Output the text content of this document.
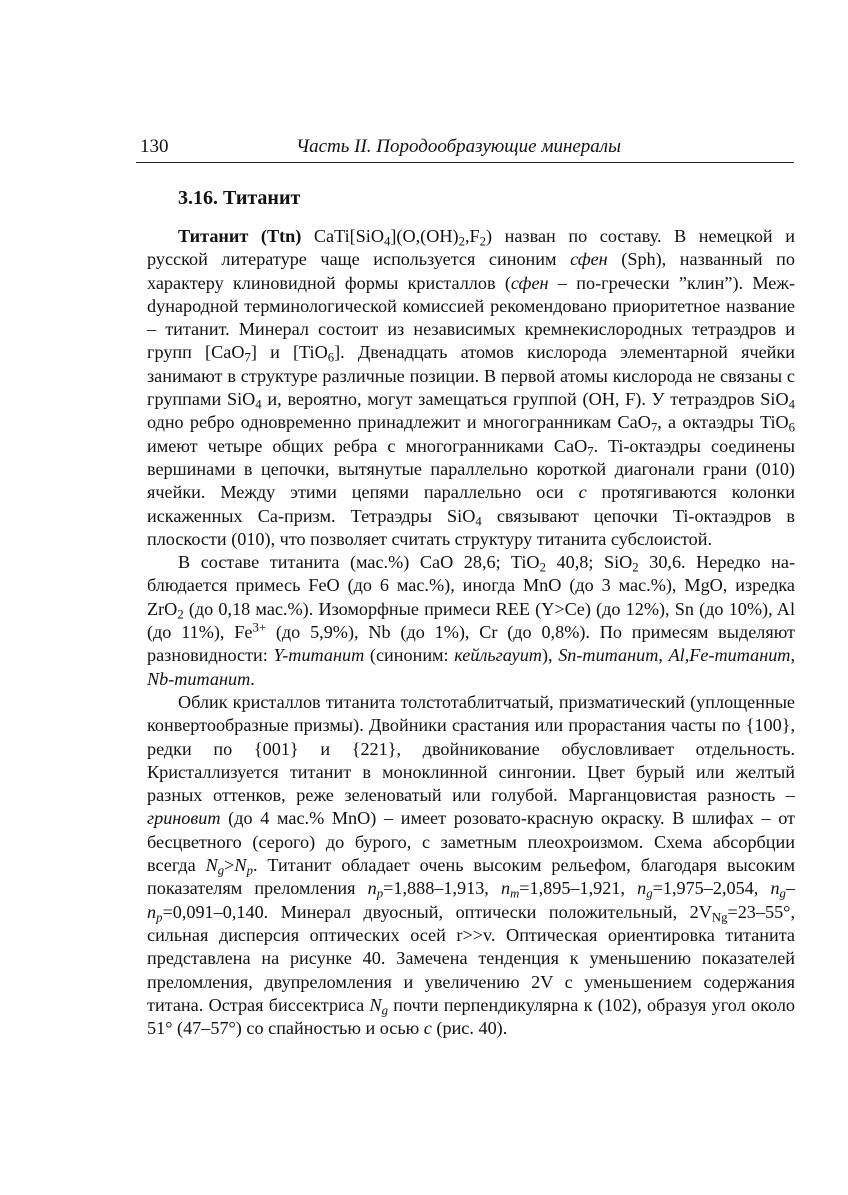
130	Часть II. Породообразующие минералы
3.16. Титанит

Титанит (Ttn) $CaTi[SiO_4](O,(OH)_2,F_2)$ назван по составу. В немецкой и русской литературе чаще используется синоним сфен (Sph), названный по характеру клиновидной формы кристаллов (сфен – по-гречески ”клин”). Межdународной терминологической комиссией рекомендовано приоритетное название – титанит. Минерал состоит из независимых кремнекислородных тетраэдров и групп [CaO$_7$] и [TiO$_6$]. Двенадцать атомов кислорода элементарной ячейки занимают в структуре различные позиции. В первой атомы кислорода не связаны с группами SiO$_4$ и, вероятно, могут замещаться группой (OH, F). У тетраэдров SiO$_4$ одно ребро одновременно принадлежит и многогранникам CaO$_7$, а октаэдры TiO$_6$ имеют четыре общих ребра с многогранниками CaO$_7$. Ti-октаэдры соединены вершинами в цепочки, вытянутые параллельно короткой диагонали грани (010) ячейки. Между этими цепями параллельно оси c протягиваются колонки искаженных Ca-призм. Тетраэдры SiO$_4$ связывают цепочки Ti-октаэдров в плоскости (010), что позволяет считать структуру титанита субслоистой.

В составе титанита (мас.%) CaO 28,6; TiO$_2$ 40,8; SiO$_2$ 30,6. Нередко наблюдается примесь FeO (до 6 мас.%), иногда MnO (до 3 мас.%), MgO, изредка ZrO$_2$ (до 0,18 мас.%). Изоморфные примеси REE (Y>Ce) (до 12%), Sn (до 10%), Al (до 11%), $Fe^{3+}$ (до 5,9%), Nb (до 1%), Cr (до 0,8%). По примесям выделяют разновидности: Y-титанит (синоним: кейльгауит), Sn-титанит, Al,Fe-титанит, Nb-титанит.

Облик кристаллов титанита толстотаблитчатый, призматический (уплощенные конвертообразные призмы). Двойники срастания или прорастания часты по {100}, редки по {001} и {221}, двойникование обусловливает отдельность. Кристаллизуется титанит в моноклинной сингонии. Цвет бурый или желтый разных оттенков, реже зеленоватый или голубой. Марганцовистая разность – гриновит (до 4 мас.% MnO) – имеет розовато-красную окраску. В шлифах – от бесцветного (серого) до бурого, с заметным плеохроизмом. Схема абсорбции всегда $N_g>N_p$. Титанит обладает очень высоким рельефом, благодаря высоким показателям преломления $n_p=1,888-1,913$, $n_m=1,895-1,921$, $n_g=1,975-2,054$, $n_g-n_p=0,091-0,140$. Минерал двуосный, оптически положительный, $2V_{Ng}=23-55^\circ$, сильная дисперсия оптических осей r>>v. Оптическая ориентировка титанита представлена на рисунке 40. Замечена тенденция к уменьшению показателей преломления, двупреломления и увеличению 2V с уменьшением содержания титана. Острая биссектриса $N_g$ почти перпендикулярна к (102), образуя угол около 51° (47–57°) со спайностью и осью c (рис. 40).
